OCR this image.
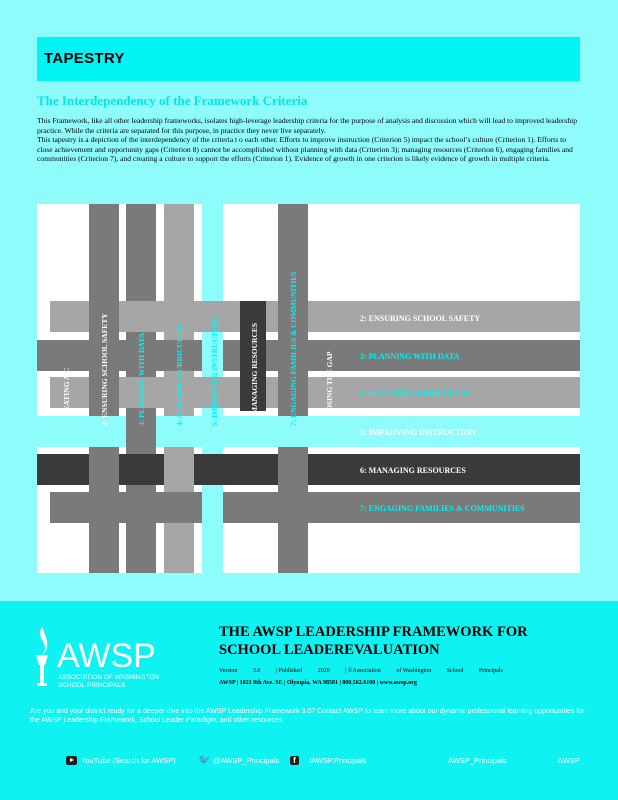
TAPESTRY
The Interdependency of the Framework Criteria

This Framework, like all other leadership frameworks, isolates high-leverage leadership criteria for the purpose of analysis and discussion which will lead to improved leadership practice. While the criteria are separated for this purpose, in practice they never live separately.

This tapestry is a depiction of the interdependency of the criteria t o each other. Efforts to improve instruction (Criterion 5) impact the school’s culture (Criterion 1). Efforts to close achievement and opportunity gaps (Criterion 8) cannot be accomplished without planning with data (Criterion 3); managing resources (Criterion 6), engaging families and communities (Criterion 7), and creating a culture to support the efforts (Criterion 1). Evidence of growth in one criterion is likely evidence of growth in multiple criteria.

2: ENSURING SCHOOL SAFETY
3: PLANNING WITH DATA
4: ALIGNING CURRICULUM
5: IMPROVING INSTRUCTION
6: MANAGING RESOURCES
7: ENGAGING FAMILIES & COMMUNITIES
REATING A C	2: ENSURING SCHOOL SAFETY	3: PLANNING WITH DATA	4: ALIGNING CURRICULUM	5: IMPROVING INSTRUCTION	MANAGING RESOURCES	7: ENGAGING FAMILIES & COMMUNITIES	LOSING THE GAP
AWSP
ASSOCIATION OF WASHINGTON
SCHOOL PRINCIPALS
THE AWSP LEADERSHIP FRAMEWORK FOR
SCHOOL LEADEREVALUATION
Version	3.0	| Published	2020	| ©Association	of Washington	School	Principals
AWSP | 1021 8th Ave. SE | Olympia, WA 98501 | 800.562.6100 | www.awsp.org
Are you and your district ready for a deeper dive into the AWSP Leadership Framework 3.0? Contact AWSP to learn more about our dynamic professional learning opportunities for the AWSP Leadership Framework, School Leader Paradigm, and other resources.
YouTube (Search for AWSP) 🐦 @AWSP_Principals	f	/AWSP.Principals	AWSP_Principals	AWSP
